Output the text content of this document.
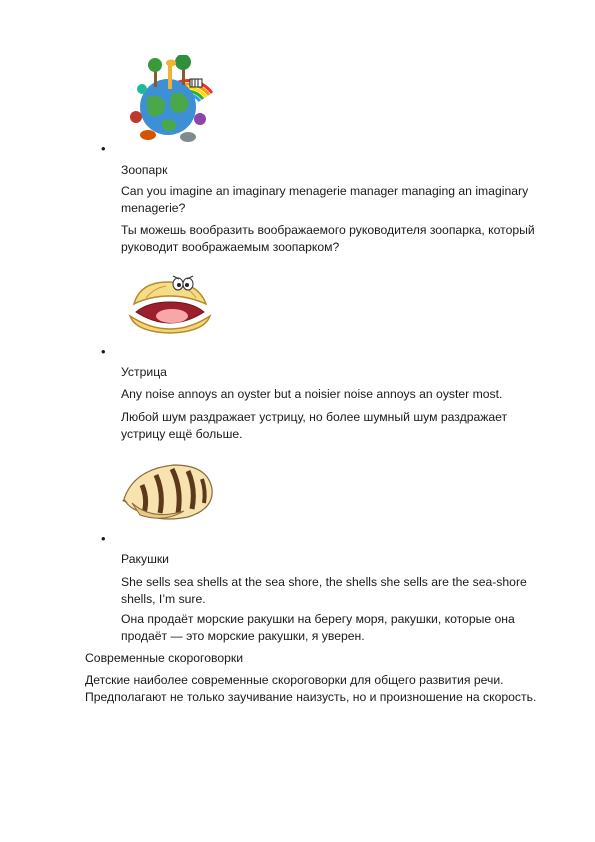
•

Зоопарк

Can you imagine an imaginary menagerie manager managing an imaginary menagerie?

Ты можешь вообразить воображаемого руководителя зоопарка, который руководит воображаемым зоопарком?

•

Устрица

Any noise annoys an oyster but a noisier noise annoys an oyster most.

Любой шум раздражает устрицу, но более шумный шум раздражает устрицу ещё больше.

•

Ракушки

She sells sea shells at the sea shore, the shells she sells are the sea-shore shells, I’m sure.

Она продаёт морские ракушки на берегу моря, ракушки, которые она продаёт — это морские ракушки, я уверен.

Современные скороговорки

Детские наиболее современные скороговорки для общего развития речи. Предполагают не только заучивание наизусть, но и произношение на скорость.
